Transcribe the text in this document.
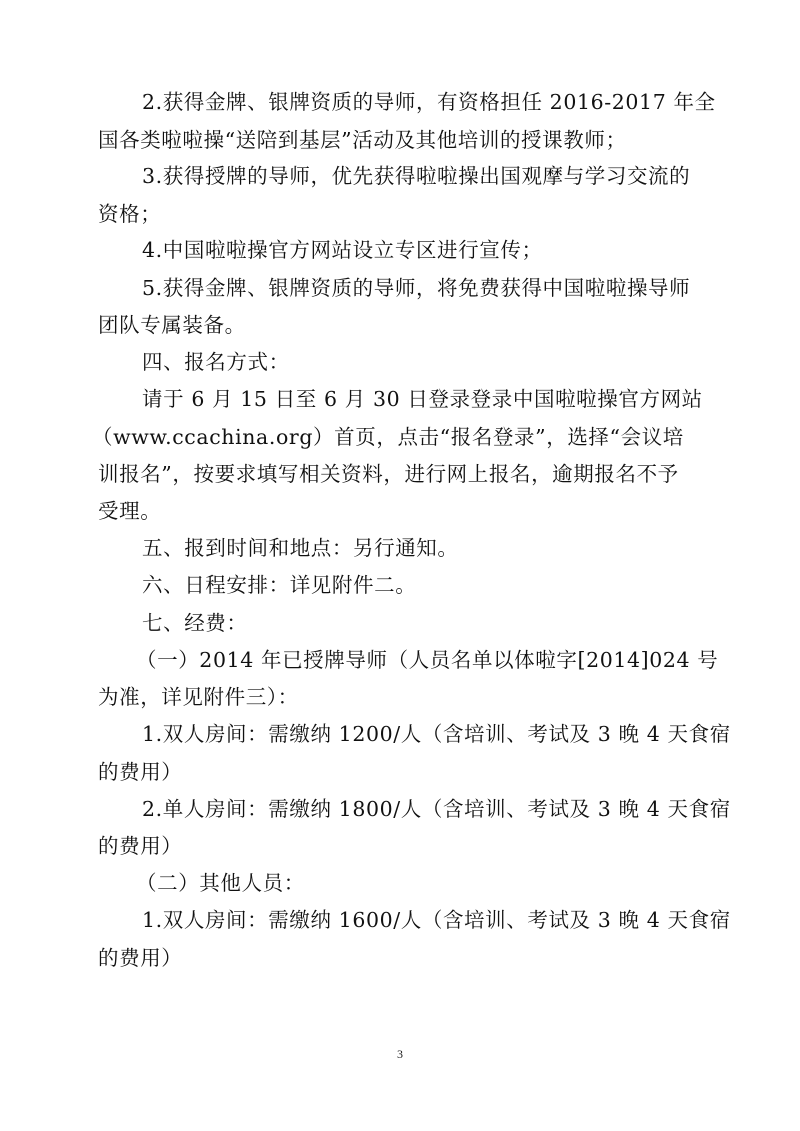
2.获得金牌、银牌资质的导师，有资格担任 2016-2017 年全
国各类啦啦操“送陪到基层”活动及其他培训的授课教师；
3.获得授牌的导师，优先获得啦啦操出国观摩与学习交流的
资格；
4.中国啦啦操官方网站设立专区进行宣传；
5.获得金牌、银牌资质的导师，将免费获得中国啦啦操导师
团队专属装备。
四、报名方式：
请于 6 月 15 日至 6 月 30 日登录登录中国啦啦操官方网站
（www.ccachina.org）首页，点击“报名登录”，选择“会议培
训报名”，按要求填写相关资料，进行网上报名，逾期报名不予
受理。
五、报到时间和地点：另行通知。
六、日程安排：详见附件二。
七、经费：
（一）2014 年已授牌导师（人员名单以体啦字[2014]024 号
为准，详见附件三）：
1.双人房间：需缴纳 1200/人（含培训、考试及 3 晚 4 天食宿
的费用）
2.单人房间：需缴纳 1800/人（含培训、考试及 3 晚 4 天食宿
的费用）
（二）其他人员：
1.双人房间：需缴纳 1600/人（含培训、考试及 3 晚 4 天食宿
的费用）
3
